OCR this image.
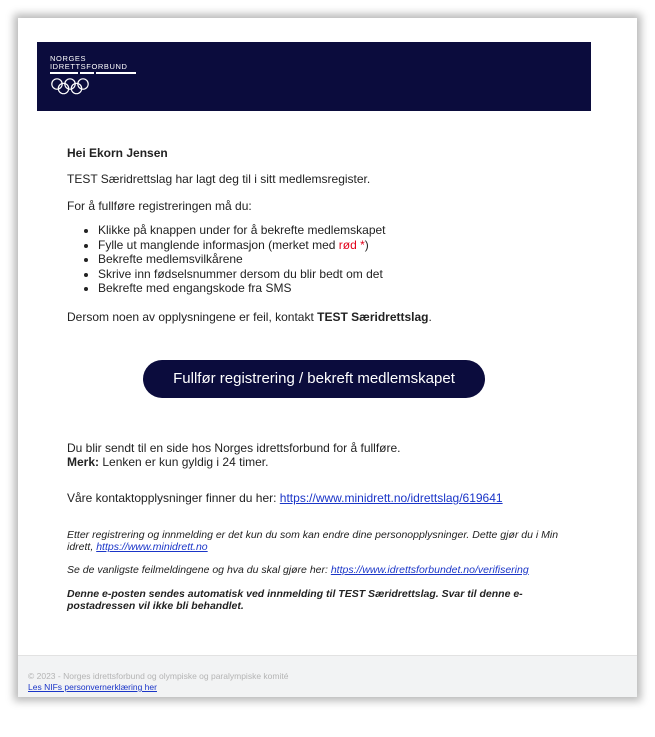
NORGES
IDRETTSFORBUND

Hei Ekorn Jensen

TEST Særidrettslag har lagt deg til i sitt medlemsregister.

For å fullføre registreringen må du:

• Klikke på knappen under for å bekrefte medlemskapet
• Fylle ut manglende informasjon (merket med rød *)
• Bekrefte medlemsvilkårene
• Skrive inn fødselsnummer dersom du blir bedt om det
• Bekrefte med engangskode fra SMS

Dersom noen av opplysningene er feil, kontakt TEST Særidrettslag.

Fullfør registrering / bekreft medlemskapet

Du blir sendt til en side hos Norges idrettsforbund for å fullføre.

Merk: Lenken er kun gyldig i 24 timer.

Våre kontaktopplysninger finner du her: https://www.minidrett.no/idrettslag/619641

Etter registrering og innmelding er det kun du som kan endre dine personopplysninger. Dette gjør du i Min idrett, https://www.minidrett.no

Se de vanligste feilmeldingene og hva du skal gjøre her: https://www.idrettsforbundet.no/verifisering

Denne e-posten sendes automatisk ved innmelding til TEST Særidrettslag. Svar til denne e-postadressen vil ikke bli behandlet.

© 2023 - Norges idrettsforbund og olympiske og paralympiske komité
Les NIFs personvernerklæring her
